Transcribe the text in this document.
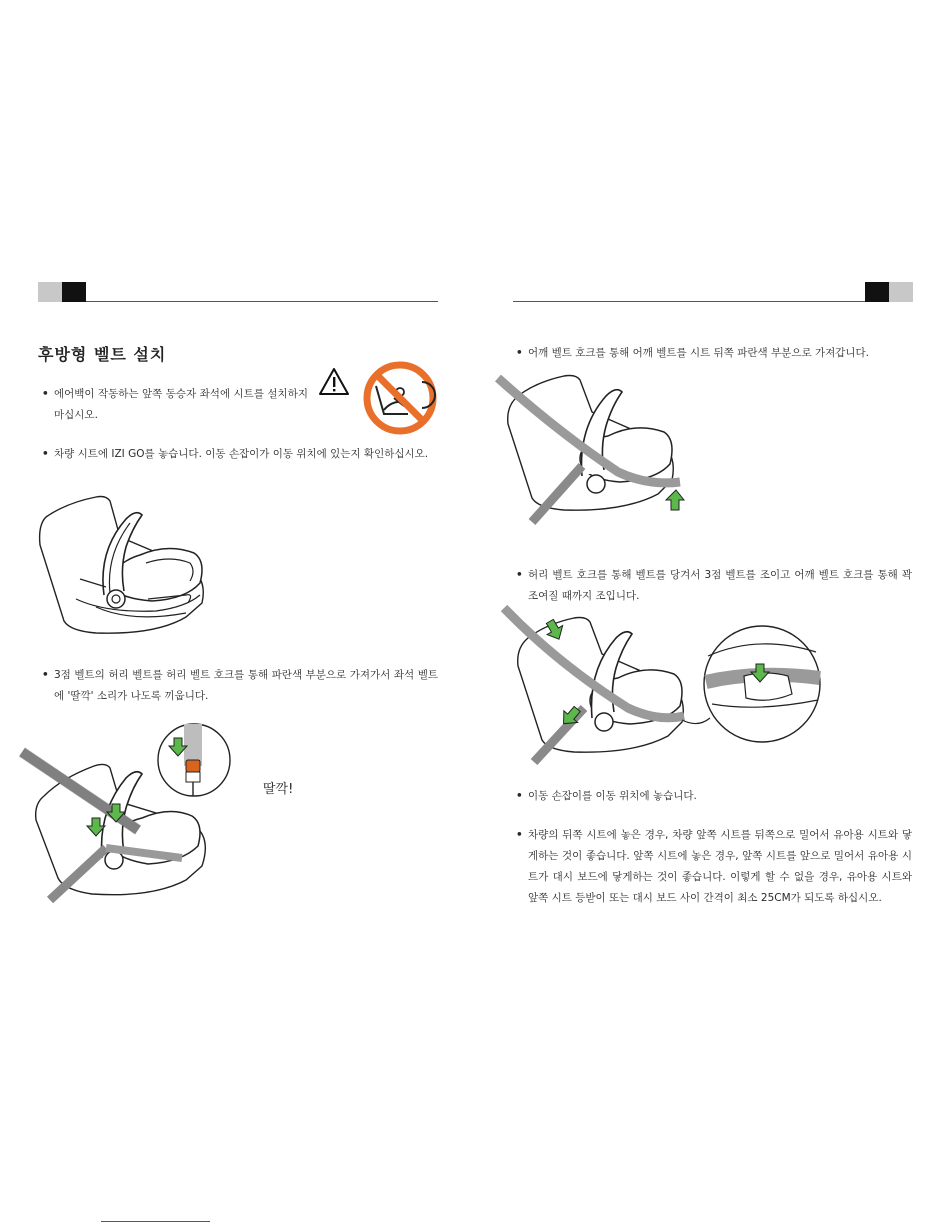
후방형 벨트 설치
• 에어백이 작동하는 앞쪽 동승자 좌석에 시트를 설치하지 마십시오.
• 차량 시트에 IZI GO를 놓습니다. 이동 손잡이가 이동 위치에 있는지 확인하십시오.
• 3점 벨트의 허리 벨트를 허리 벨트 호크를 통해 파란색 부분으로 가져가서 좌석 벨트에 '딸깍' 소리가 나도록 끼웁니다.
딸깍!
• 어깨 벨트 호크를 통해 어깨 벨트를 시트 뒤쪽 파란색 부분으로 가져갑니다.
• 허리 벨트 호크를 통해 벨트를 당겨서 3점 벨트를 조이고 어깨 벨트 호크를 통해 꽉 조여질 때까지 조입니다.
• 이동 손잡이를 이동 위치에 놓습니다.
• 차량의 뒤쪽 시트에 놓은 경우, 차량 앞쪽 시트를 뒤쪽으로 밀어서 유아용 시트와 닿게하는 것이 좋습니다. 앞쪽 시트에 놓은 경우, 앞쪽 시트를 앞으로 밀어서 유아용 시트가 대시 보드에 닿게하는 것이 좋습니다. 이렇게 할 수 없을 경우, 유아용 시트와 앞쪽 시트 등받이 또는 대시 보드 사이 간격이 최소 25CM가 되도록 하십시오.
